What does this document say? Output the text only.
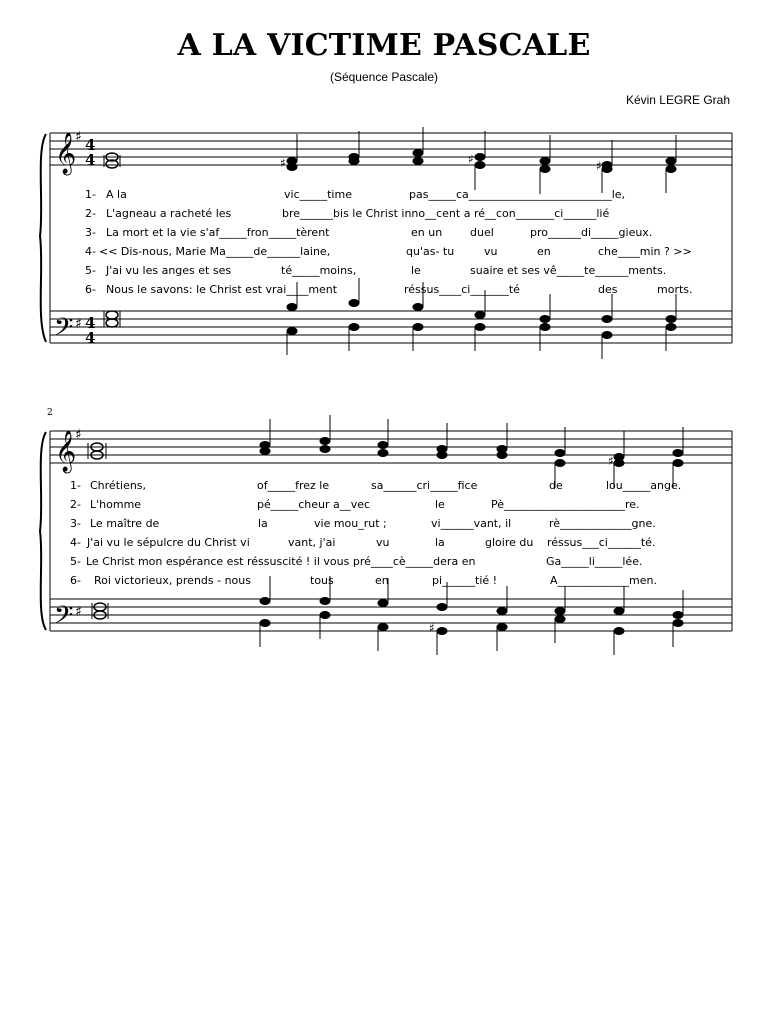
A LA VICTIME PASCALE
(Séquence Pascale)
Kévin LEGRE Grah
𝄞
𝄢
♯
♯
4
4
4
4
♯	♯	♯
1- A la	vic_____time	pas_____ca__________________________le,
2- L'agneau a racheté les	bre______bis le Christ inno__cent a ré__con_______ci______lié
3- La mort et la vie s'af_____fron_____tèrent	en un	duel	pro______di_____gieux.
4- << Dis-nous, Marie Ma_____de______laine,	qu'as- tu	vu	en	che____min ? >>
5- J'ai vu les anges et ses	té_____moins,	le	suaire et ses vê_____te______ments.
6- Nous le savons: le Christ est vrai____ment	réssus____ci_______té	des	morts.
2
𝄞
𝄢
♯
♯
♯
♯
1- Chrétiens,	of_____frez le	sa______cri_____fice	de	lou_____ange.
2- L'homme	pé_____cheur a__vec	le	Pè______________________re.
3- Le maître de	la	vie mou_rut ;	vi______vant, il	rè_____________gne.
4- J'ai vu le sépulcre du Christ vi	vant, j'ai	vu	la	gloire du réssus___ci______té.
5- Le Christ mon espérance est réssuscité ! il vous pré____cè_____dera en	Ga_____li_____lée.
6- Roi victorieux, prends - nous	tous	en	pi______tié !	A_____________men.
